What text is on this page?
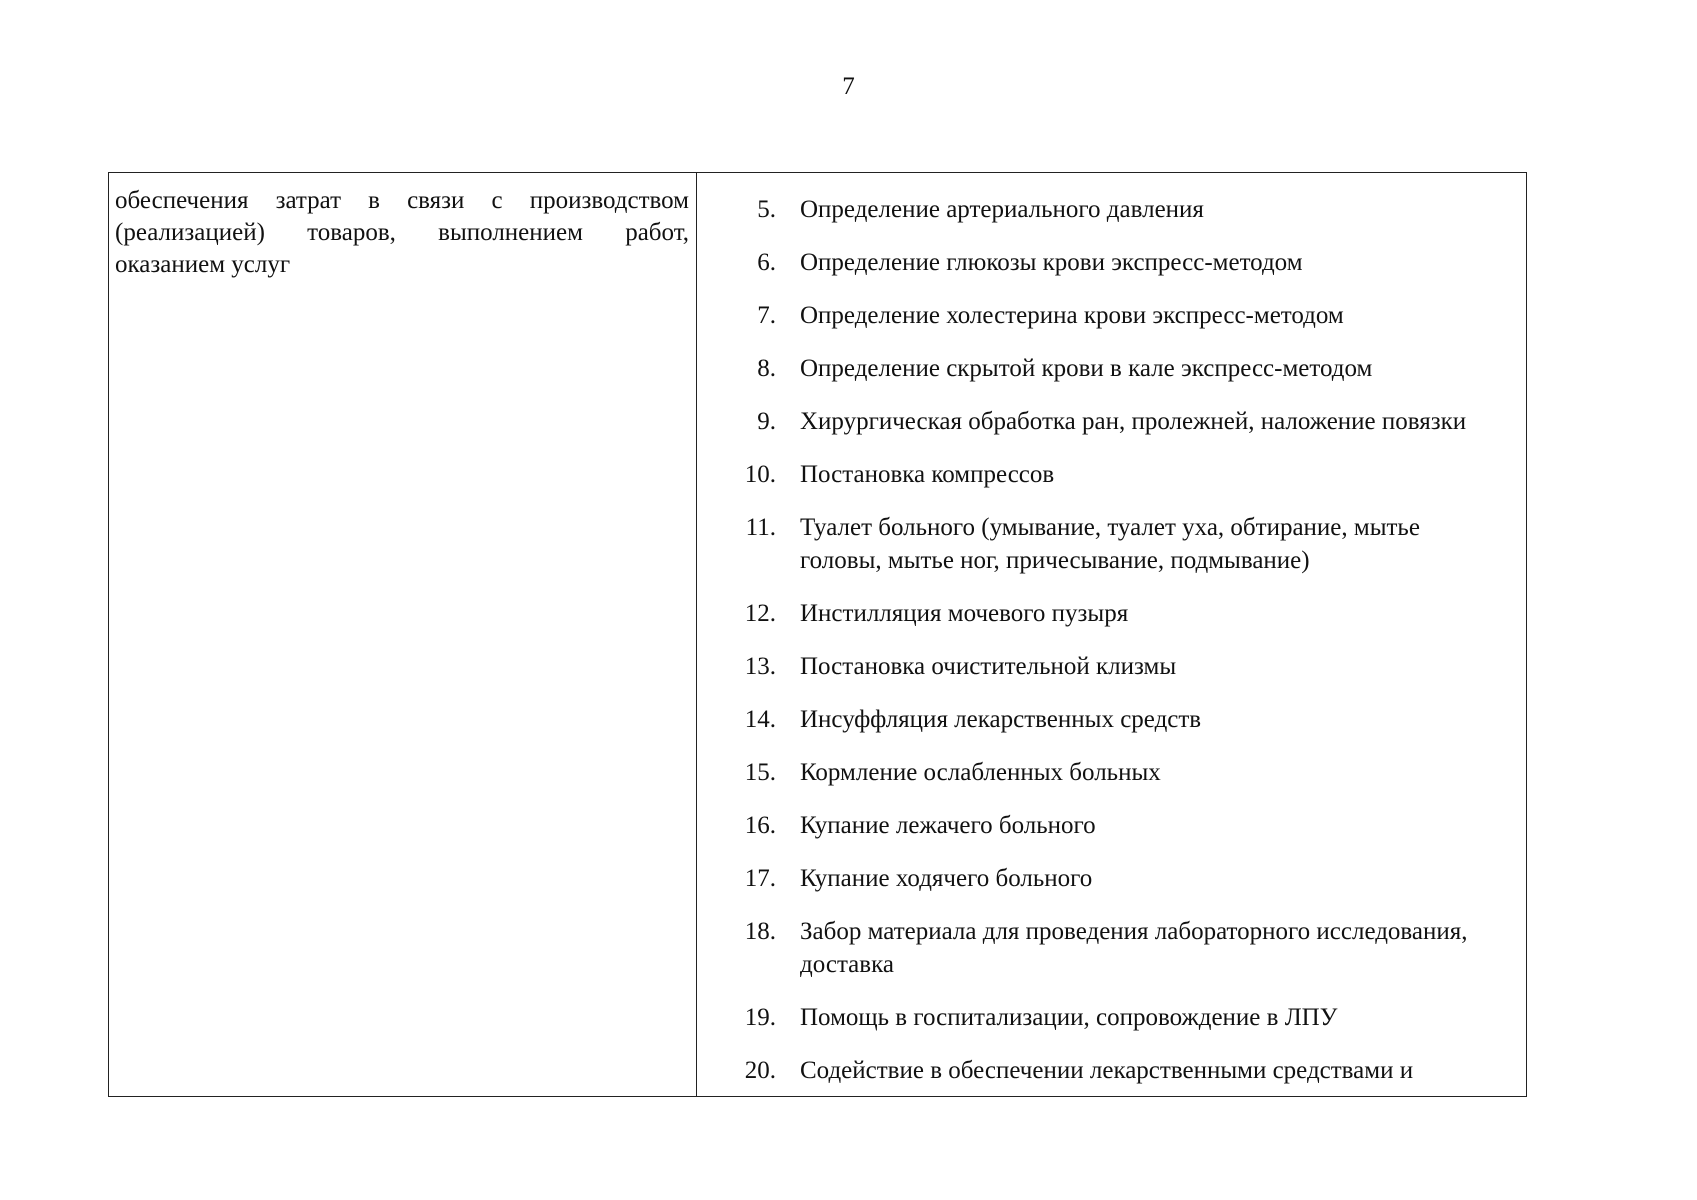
7
обеспечения затрат в связи с производством
(реализацией) товаров, выполнением работ,
оказанием услуг
5. Определение артериального давления
6. Определение глюкозы крови экспресс-методом
7. Определение холестерина крови экспресс-методом
8. Определение скрытой крови в кале экспресс-методом
9. Хирургическая обработка ран, пролежней, наложение повязки
10. Постановка компрессов
11. Туалет больного (умывание, туалет уха, обтирание, мытье
головы, мытье ног, причесывание, подмывание)
12. Инстилляция мочевого пузыря
13. Постановка очистительной клизмы
14. Инсуффляция лекарственных средств
15. Кормление ослабленных больных
16. Купание лежачего больного
17. Купание ходячего больного
18. Забор материала для проведения лабораторного исследования,
доставка
19. Помощь в госпитализации, сопровождение в ЛПУ
20. Содействие в обеспечении лекарственными средствами и
